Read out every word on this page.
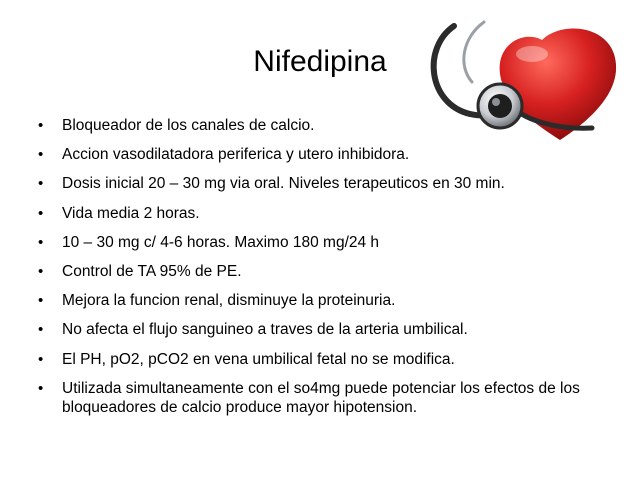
Nifedipina
• Bloqueador de los canales de calcio.
• Accion vasodilatadora periferica y utero inhibidora.
• Dosis inicial 20 – 30 mg via oral. Niveles terapeuticos en 30 min.
• Vida media 2 horas.
• 10 – 30 mg c/ 4-6 horas. Maximo 180 mg/24 h
• Control de TA 95% de PE.
• Mejora la funcion renal, disminuye la proteinuria.
• No afecta el flujo sanguineo a traves de la arteria umbilical.
• El PH, pO2, pCO2 en vena umbilical fetal no se modifica.
• Utilizada simultaneamente con el so4mg puede potenciar los efectos de los bloqueadores de calcio produce mayor hipotension.
